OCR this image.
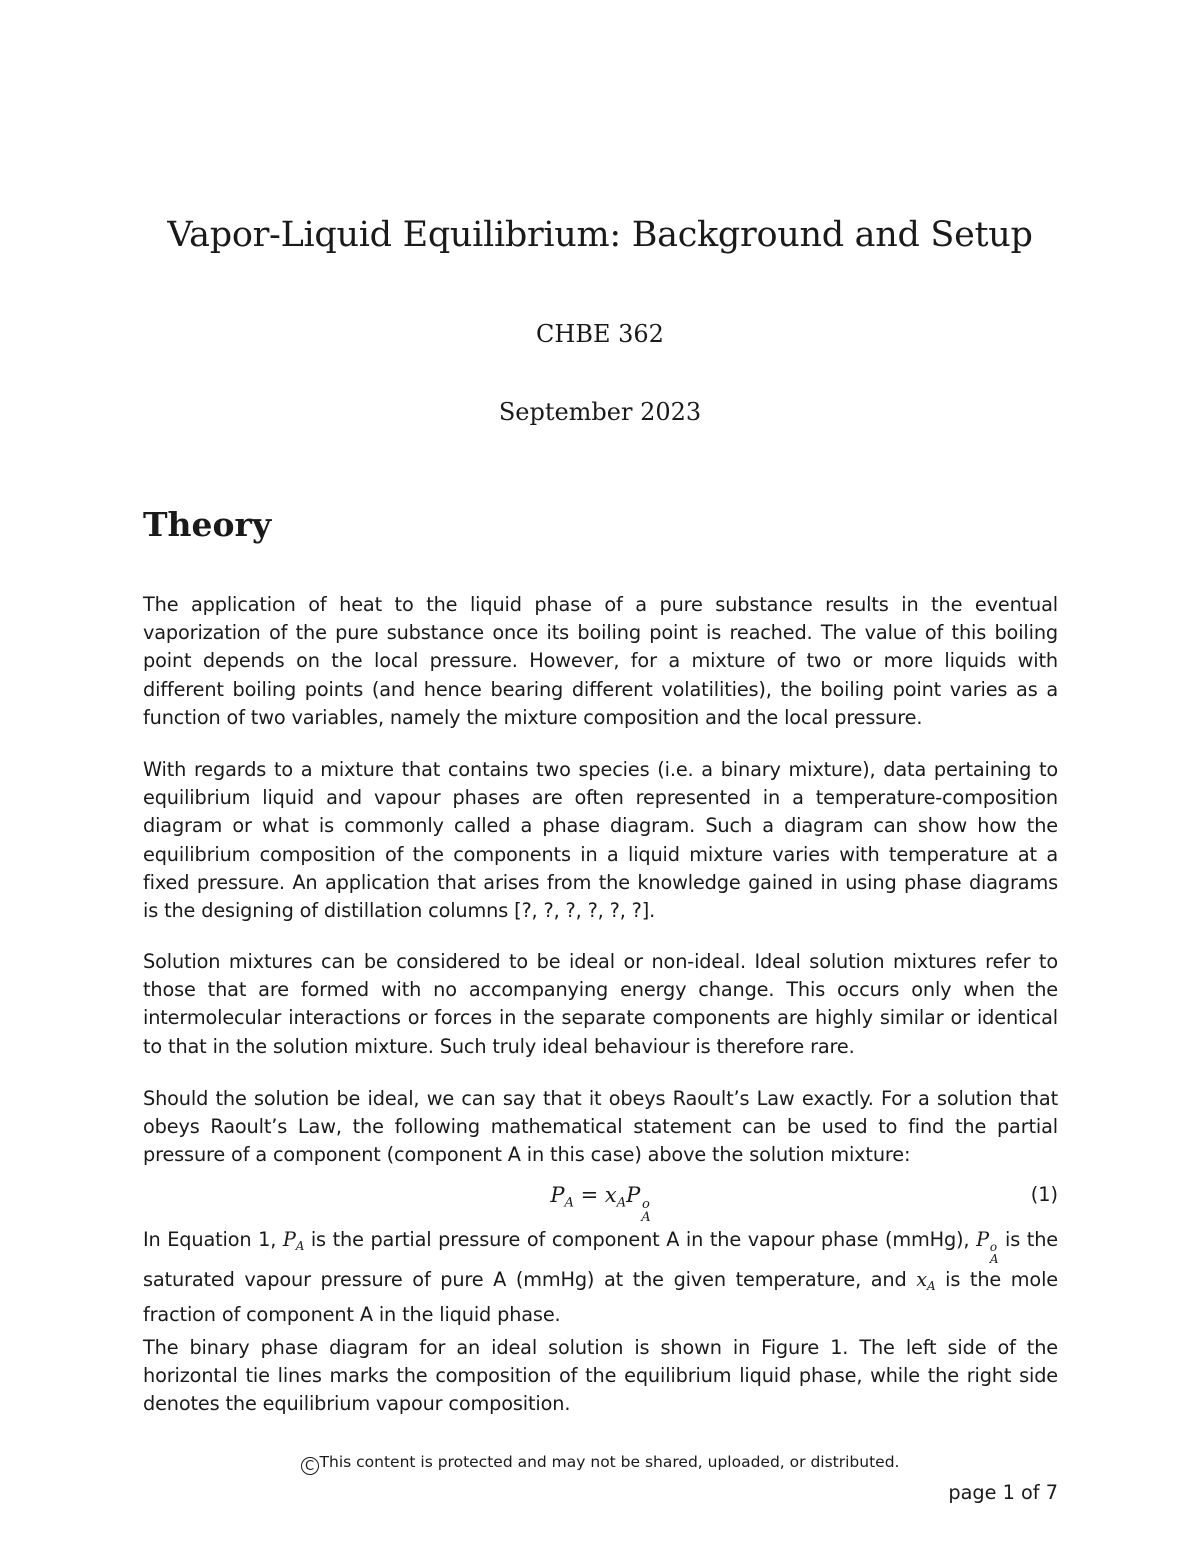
Vapor-Liquid Equilibrium: Background and Setup
CHBE 362
September 2023
Theory

The application of heat to the liquid phase of a pure substance results in the eventual vaporization of the pure substance once its boiling point is reached. The value of this boiling point depends on the local pressure. However, for a mixture of two or more liquids with different boiling points (and hence bearing different volatilities), the boiling point varies as a function of two variables, namely the mixture composition and the local pressure.

With regards to a mixture that contains two species (i.e. a binary mixture), data pertaining to equilibrium liquid and vapour phases are often represented in a temperature-composition diagram or what is commonly called a phase diagram. Such a diagram can show how the equilibrium composition of the components in a liquid mixture varies with temperature at a fixed pressure. An application that arises from the knowledge gained in using phase diagrams is the designing of distillation columns [?, ?, ?, ?, ?, ?].

Solution mixtures can be considered to be ideal or non-ideal. Ideal solution mixtures refer to those that are formed with no accompanying energy change. This occurs only when the intermolecular interactions or forces in the separate components are highly similar or identical to that in the solution mixture. Such truly ideal behaviour is therefore rare.

Should the solution be ideal, we can say that it obeys Raoult’s Law exactly. For a solution that obeys Raoult’s Law, the following mathematical statement can be used to find the partial pressure of a component (component A in this case) above the solution mixture:

$P_A = x_AP$ o
A
(1)

In Equation 1, $P_A$ is the partial pressure of component A in the vapour phase (mmHg), P o
A
is the saturated vapour pressure of pure A (mmHg) at the given temperature, and $x_A$ is the mole fraction of component A in the liquid phase.

The binary phase diagram for an ideal solution is shown in Figure 1. The left side of the horizontal tie lines marks the composition of the equilibrium liquid phase, while the right side denotes the equilibrium vapour composition.

C This content is protected and may not be shared, uploaded, or distributed.
page 1 of 7
